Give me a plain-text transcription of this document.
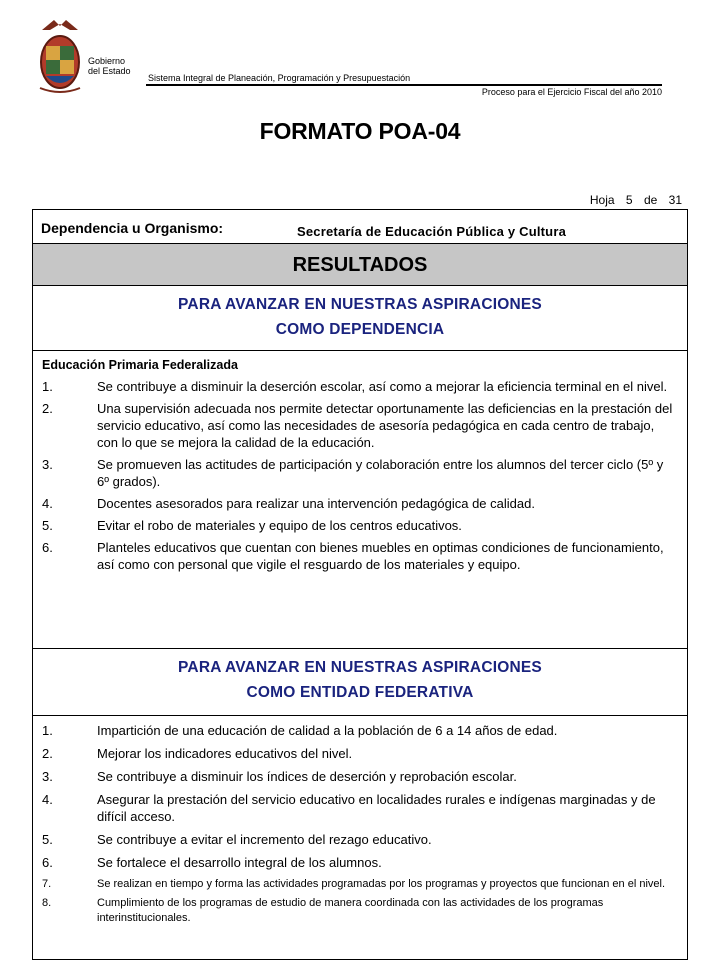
Gobierno
del Estado
Sistema Integral de Planeación, Programación y Presupuestación
Proceso para el Ejercicio Fiscal del año 2010
FORMATO POA-04
Hoja 5 de 31
Dependencia u Organismo:	Secretaría de Educación Pública y Cultura
RESULTADOS
PARA AVANZAR EN NUESTRAS ASPIRACIONES
COMO DEPENDENCIA
Educación Primaria Federalizada
1.	Se contribuye a disminuir la deserción escolar, así como a mejorar la eficiencia terminal en el nivel.
2.	Una supervisión adecuada nos permite detectar oportunamente las deficiencias en la prestación del servicio educativo, así como las necesidades de asesoría pedagógica en cada centro de trabajo, con lo que se mejora la calidad de la educación.
3.	Se promueven las actitudes de participación y colaboración entre los alumnos del tercer ciclo (5º y 6º grados).
4.	Docentes asesorados para realizar una intervención pedagógica de calidad.
5.	Evitar el robo de materiales y equipo de los centros educativos.
6.	Planteles educativos que cuentan con bienes muebles en optimas condiciones de funcionamiento, así como con personal que vigile el resguardo de los materiales y equipo.
PARA AVANZAR EN NUESTRAS ASPIRACIONES
COMO ENTIDAD FEDERATIVA
1.	Impartición de una educación de calidad a la población de 6 a 14 años de edad.
2.	Mejorar los indicadores educativos del nivel.
3.	Se contribuye a disminuir los índices de deserción y reprobación escolar.
4.	Asegurar la prestación del servicio educativo en localidades rurales e indígenas marginadas y de difícil acceso.
5.	Se contribuye a evitar el incremento del rezago educativo.
6.	Se fortalece el desarrollo integral de los alumnos.
7.	Se realizan en tiempo y forma las actividades programadas por los programas y proyectos que funcionan en el nivel.
8.	Cumplimiento de los programas de estudio de manera coordinada con las actividades de los programas interinstitucionales.
